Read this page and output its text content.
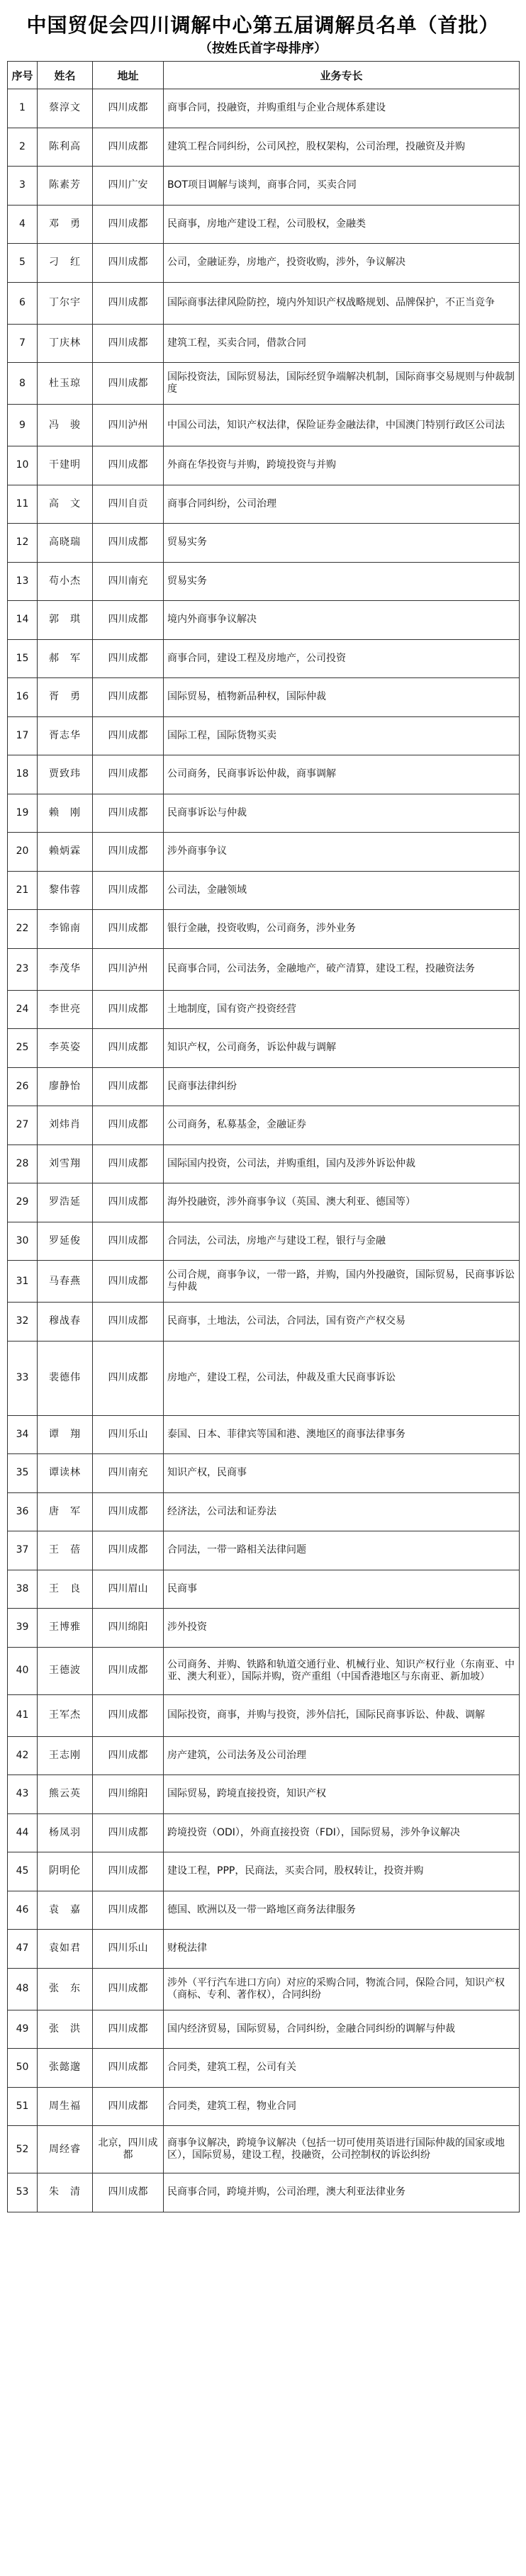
中国贸促会四川调解中心第五届调解员名单（首批）
（按姓氏首字母排序）
序号	姓名	地址	业务专长
1	蔡淳文	四川成都	商事合同，投融资，并购重组与企业合规体系建设
2	陈利高	四川成都	建筑工程合同纠纷，公司风控，股权架构，公司治理，投融资及并购
3	陈素芳	四川广安	BOT项目调解与谈判，商事合同，买卖合同
4	邓　勇	四川成都	民商事，房地产建设工程，公司股权，金融类
5	刁　红	四川成都	公司，金融证券，房地产，投资收购，涉外，争议解决
6	丁尔宇	四川成都	国际商事法律风险防控，境内外知识产权战略规划、品牌保护，不正当竞争
7	丁庆林	四川成都	建筑工程，买卖合同，借款合同
8	杜玉琼	四川成都	国际投资法，国际贸易法，国际经贸争端解决机制，国际商事交易规则与仲裁制度
9	冯　骏	四川泸州	中国公司法，知识产权法律，保险证券金融法律，中国澳门特别行政区公司法
10	干建明	四川成都	外商在华投资与并购，跨境投资与并购
11	高　文	四川自贡	商事合同纠纷，公司治理
12	高晓瑞	四川成都	贸易实务
13	苟小杰	四川南充	贸易实务
14	郭　琪	四川成都	境内外商事争议解决
15	郝　军	四川成都	商事合同，建设工程及房地产，公司投资
16	胥　勇	四川成都	国际贸易，植物新品种权，国际仲裁
17	胥志华	四川成都	国际工程，国际货物买卖
18	贾致玮	四川成都	公司商务，民商事诉讼仲裁，商事调解
19	赖　刚	四川成都	民商事诉讼与仲裁
20	赖炳霖	四川成都	涉外商事争议
21	黎伟蓉	四川成都	公司法，金融领域
22	李锦南	四川成都	银行金融，投资收购，公司商务，涉外业务
23	李茂华	四川泸州	民商事合同，公司法务，金融地产，破产清算，建设工程，投融资法务
24	李世亮	四川成都	土地制度，国有资产投资经营
25	李英姿	四川成都	知识产权，公司商务，诉讼仲裁与调解
26	廖静怡	四川成都	民商事法律纠纷
27	刘炜肖	四川成都	公司商务，私募基金，金融证券
28	刘雪翔	四川成都	国际国内投资，公司法，并购重组，国内及涉外诉讼仲裁
29	罗浩延	四川成都	海外投融资，涉外商事争议（英国、澳大利亚、德国等）
30	罗延俊	四川成都	合同法，公司法，房地产与建设工程，银行与金融
31	马春燕	四川成都	公司合规，商事争议，一带一路，并购，国内外投融资，国际贸易，民商事诉讼与仲裁
32	穆战春	四川成都	民商事，土地法，公司法，合同法，国有资产产权交易
33	裴德伟	四川成都	房地产，建设工程，公司法，仲裁及重大民商事诉讼
34	谭　翔	四川乐山	泰国、日本、菲律宾等国和港、澳地区的商事法律事务
35	谭读林	四川南充	知识产权，民商事
36	唐　军	四川成都	经济法，公司法和证券法
37	王　蓓	四川成都	合同法，一带一路相关法律问题
38	王　良	四川眉山	民商事
39	王博雅	四川绵阳	涉外投资
40	王德波	四川成都	公司商务、并购、铁路和轨道交通行业、机械行业、知识产权行业（东南亚、中亚、澳大利亚），国际并购，资产重组（中国香港地区与东南亚、新加坡）
41	王军杰	四川成都	国际投资，商事，并购与投资，涉外信托，国际民商事诉讼、仲裁、调解
42	王志刚	四川成都	房产建筑，公司法务及公司治理
43	熊云英	四川绵阳	国际贸易，跨境直接投资，知识产权
44	杨凤羽	四川成都	跨境投资（ODI），外商直接投资（FDI），国际贸易，涉外争议解决
45	阴明伦	四川成都	建设工程，PPP，民商法，买卖合同，股权转让，投资并购
46	袁　嘉	四川成都	德国、欧洲以及一带一路地区商务法律服务
47	袁如君	四川乐山	财税法律
48	张　东	四川成都	涉外（平行汽车进口方向）对应的采购合同，物流合同，保险合同，知识产权（商标、专利、著作权），合同纠纷
49	张　洪	四川成都	国内经济贸易，国际贸易，合同纠纷，金融合同纠纷的调解与仲裁
50	张懿邈	四川成都	合同类，建筑工程，公司有关
51	周生福	四川成都	合同类，建筑工程，物业合同
52	周经睿	北京，四川成都	商事争议解决，跨境争议解决（包括一切可使用英语进行国际仲裁的国家或地区），国际贸易，建设工程，投融资，公司控制权的诉讼纠纷
53	朱　清	四川成都	民商事合同，跨境并购，公司治理，澳大利亚法律业务
